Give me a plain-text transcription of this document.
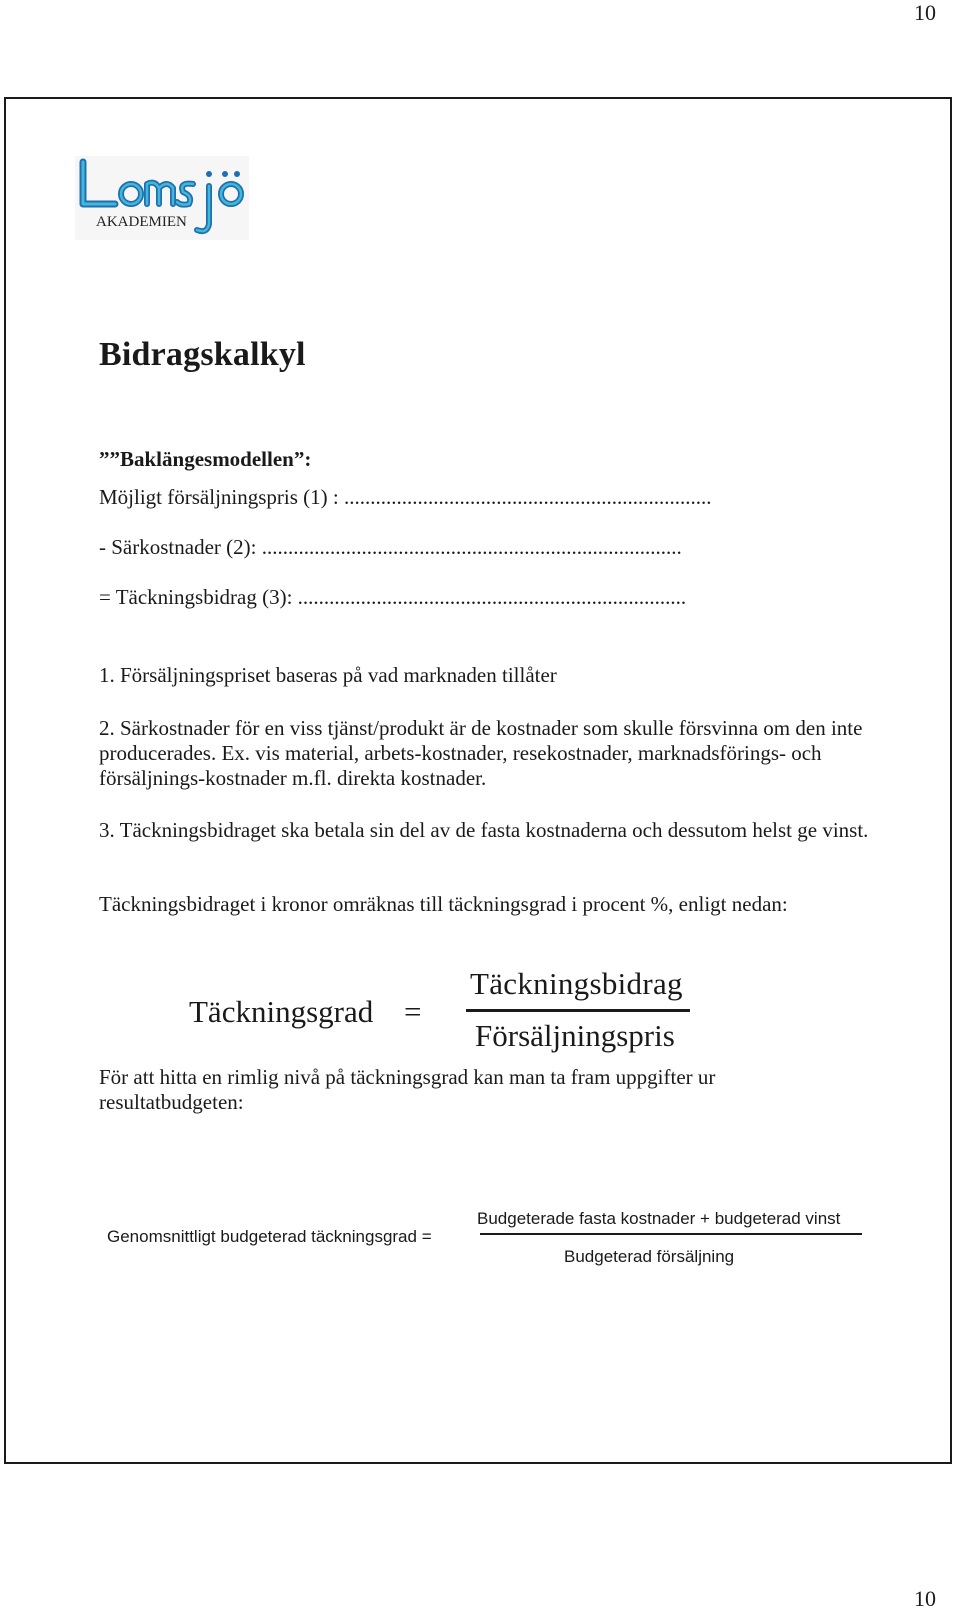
10
AKADEMIEN
Bidragskalkyl
””Baklängesmodellen”:
Möjligt försäljningspris (1) : ......................................................................
- Särkostnader (2): ................................................................................
= Täckningsbidrag (3): ..........................................................................
1. Försäljningspriset baseras på vad marknaden tillåter
2. Särkostnader för en viss tjänst/produkt är de kostnader som skulle försvinna om den inte producerades. Ex. vis material, arbets-kostnader, resekostnader, marknadsförings- och försäljnings-kostnader m.fl. direkta kostnader.
3. Täckningsbidraget ska betala sin del av de fasta kostnaderna och dessutom helst ge vinst.
Täckningsbidraget i kronor omräknas till täckningsgrad i procent %, enligt nedan:
Täckningsgrad =
Täckningsbidrag
Försäljningspris
För att hitta en rimlig nivå på täckningsgrad kan man ta fram uppgifter ur resultatbudgeten:
Genomsnittligt budgeterad täckningsgrad =
Budgeterade fasta kostnader + budgeterad vinst
Budgeterad försäljning
10
